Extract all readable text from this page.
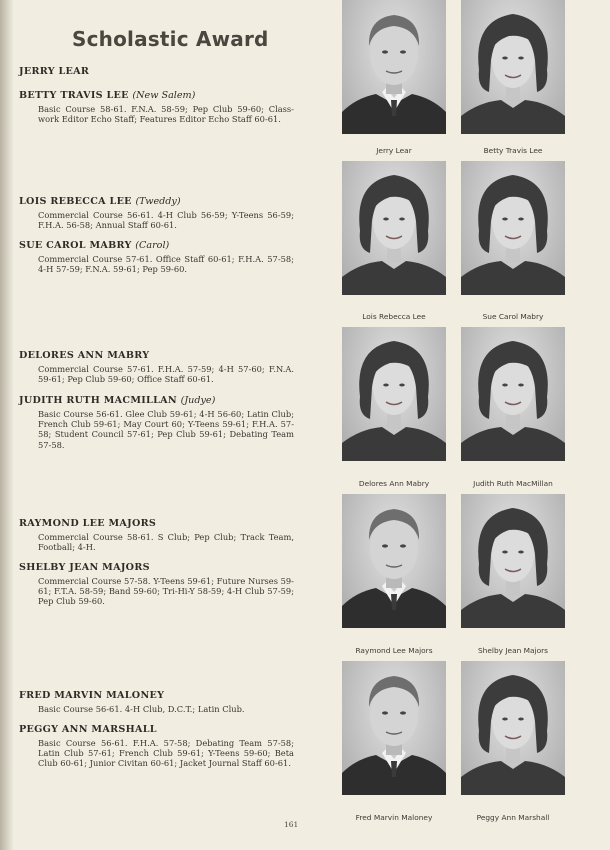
Scholastic Award
JERRY LEAR
BETTY TRAVIS LEE (New Salem)
Basic Course 58-61. F.N.A. 58-59; Pep Club 59-60; Class-work Editor Echo Staff; Features Editor Echo Staff 60-61.
LOIS REBECCA LEE (Tweddy)
Commercial Course 56-61. 4-H Club 56-59; Y-Teens 56-59; F.H.A. 56-58; Annual Staff 60-61.
SUE CAROL MABRY (Carol)
Commercial Course 57-61. Office Staff 60-61; F.H.A. 57-58; 4-H 57-59; F.N.A. 59-61; Pep 59-60.
DELORES ANN MABRY
Commercial Course 57-61. F.H.A. 57-59; 4-H 57-60; F.N.A. 59-61; Pep Club 59-60; Office Staff 60-61.
JUDITH RUTH MACMILLAN (Judye)
Basic Course 56-61. Glee Club 59-61; 4-H 56-60; Latin Club; French Club 59-61; May Court 60; Y-Teens 59-61; F.H.A. 57-58; Student Council 57-61; Pep Club 59-61; Debating Team 57-58.
RAYMOND LEE MAJORS
Commercial Course 58-61. S Club; Pep Club; Track Team, Football; 4-H.
SHELBY JEAN MAJORS
Commercial Course 57-58. Y-Teens 59-61; Future Nurses 59-61; F.T.A. 58-59; Band 59-60; Tri-Hi-Y 58-59; 4-H Club 57-59; Pep Club 59-60.
FRED MARVIN MALONEY
Basic Course 56-61. 4-H Club, D.C.T.; Latin Club.
PEGGY ANN MARSHALL
Basic Course 56-61. F.H.A. 57-58; Debating Team 57-58; Latin Club 57-61; French Club 59-61; Y-Teens 59-60; Beta Club 60-61; Junior Civitan 60-61; Jacket Journal Staff 60-61.
Jerry Lear	Betty Travis Lee
Lois Rebecca Lee	Sue Carol Mabry
Delores Ann Mabry	Judith Ruth MacMillan
Raymond Lee Majors	Shelby Jean Majors
Fred Marvin Maloney	Peggy Ann Marshall
161
